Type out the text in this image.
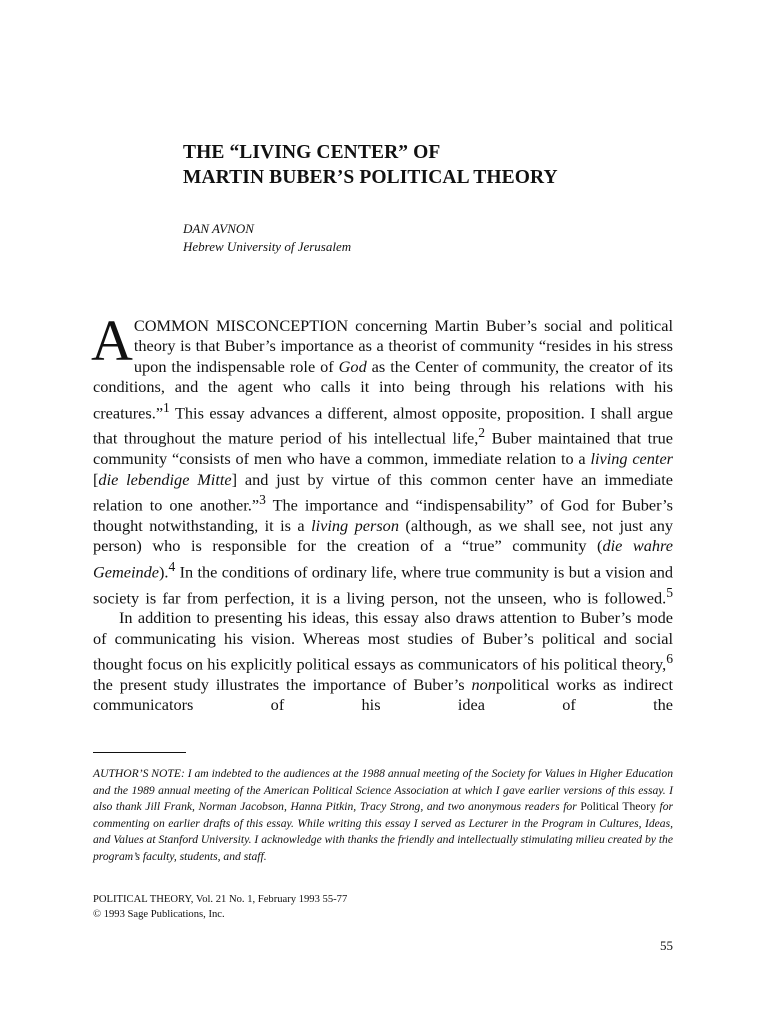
THE “LIVING CENTER” OF
MARTIN BUBER’S POLITICAL THEORY
DAN AVNON
Hebrew University of Jerusalem

A COMMON MISCONCEPTION concerning Martin Buber’s social and political theory is that Buber’s importance as a theorist of community “resides in his stress upon the indispensable role of God as the Center of community, the creator of its conditions, and the agent who calls it into being through his relations with his creatures.”$^1$ This essay advances a different, almost opposite, proposition. I shall argue that throughout the mature period of his intellectual life,$^2$ Buber maintained that true community “consists of men who have a common, immediate relation to a living center [die lebendige Mitte] and just by virtue of this common center have an immediate relation to one another.”$^3$ The importance and “indispensability” of God for Buber’s thought notwithstanding, it is a living person (although, as we shall see, not just any person) who is responsible for the creation of a “true” community (die wahre Gemeinde).$^4$ In the conditions of ordinary life, where true community is but a vision and society is far from perfection, it is a living person, not the unseen, who is followed.$^5$

In addition to presenting his ideas, this essay also draws attention to Buber’s mode of communicating his vision. Whereas most studies of Buber’s political and social thought focus on his explicitly political essays as communicators of his political theory,$^6$ the present study illustrates the importance of Buber’s nonpolitical works as indirect communicators of his idea of the

AUTHOR’S NOTE: I am indebted to the audiences at the 1988 annual meeting of the Society for Values in Higher Education and the 1989 annual meeting of the American Political Science Association at which I gave earlier versions of this essay. I also thank Jill Frank, Norman Jacobson, Hanna Pitkin, Tracy Strong, and two anonymous readers for Political Theory for commenting on earlier drafts of this essay. While writing this essay I served as Lecturer in the Program in Cultures, Ideas, and Values at Stanford University. I acknowledge with thanks the friendly and intellectually stimulating milieu created by the program’s faculty, students, and staff.
POLITICAL THEORY, Vol. 21 No. 1, February 1993 55-77
© 1993 Sage Publications, Inc.
55
